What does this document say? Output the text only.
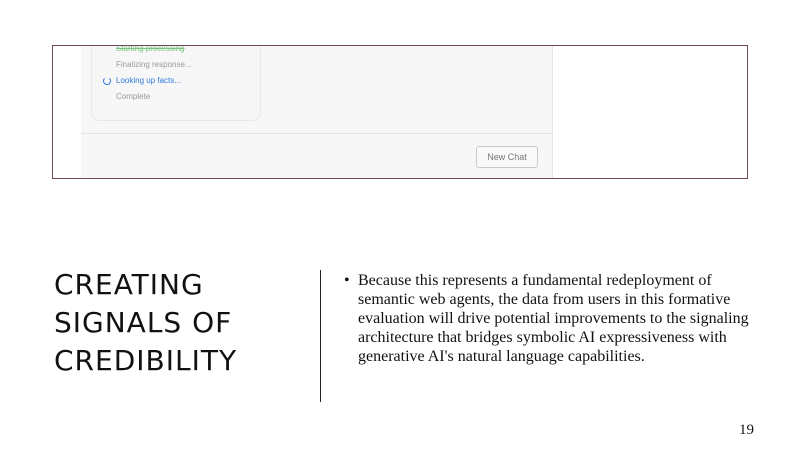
Starting processing
Finalizing response...
Looking up facts...
Complete
New Chat
CREATING
SIGNALS OF
CREDIBILITY
• Because this represents a fundamental redeployment of semantic web agents, the data from users in this formative evaluation will drive potential improvements to the signaling architecture that bridges symbolic AI expressiveness with generative AI's natural language capabilities.
19
